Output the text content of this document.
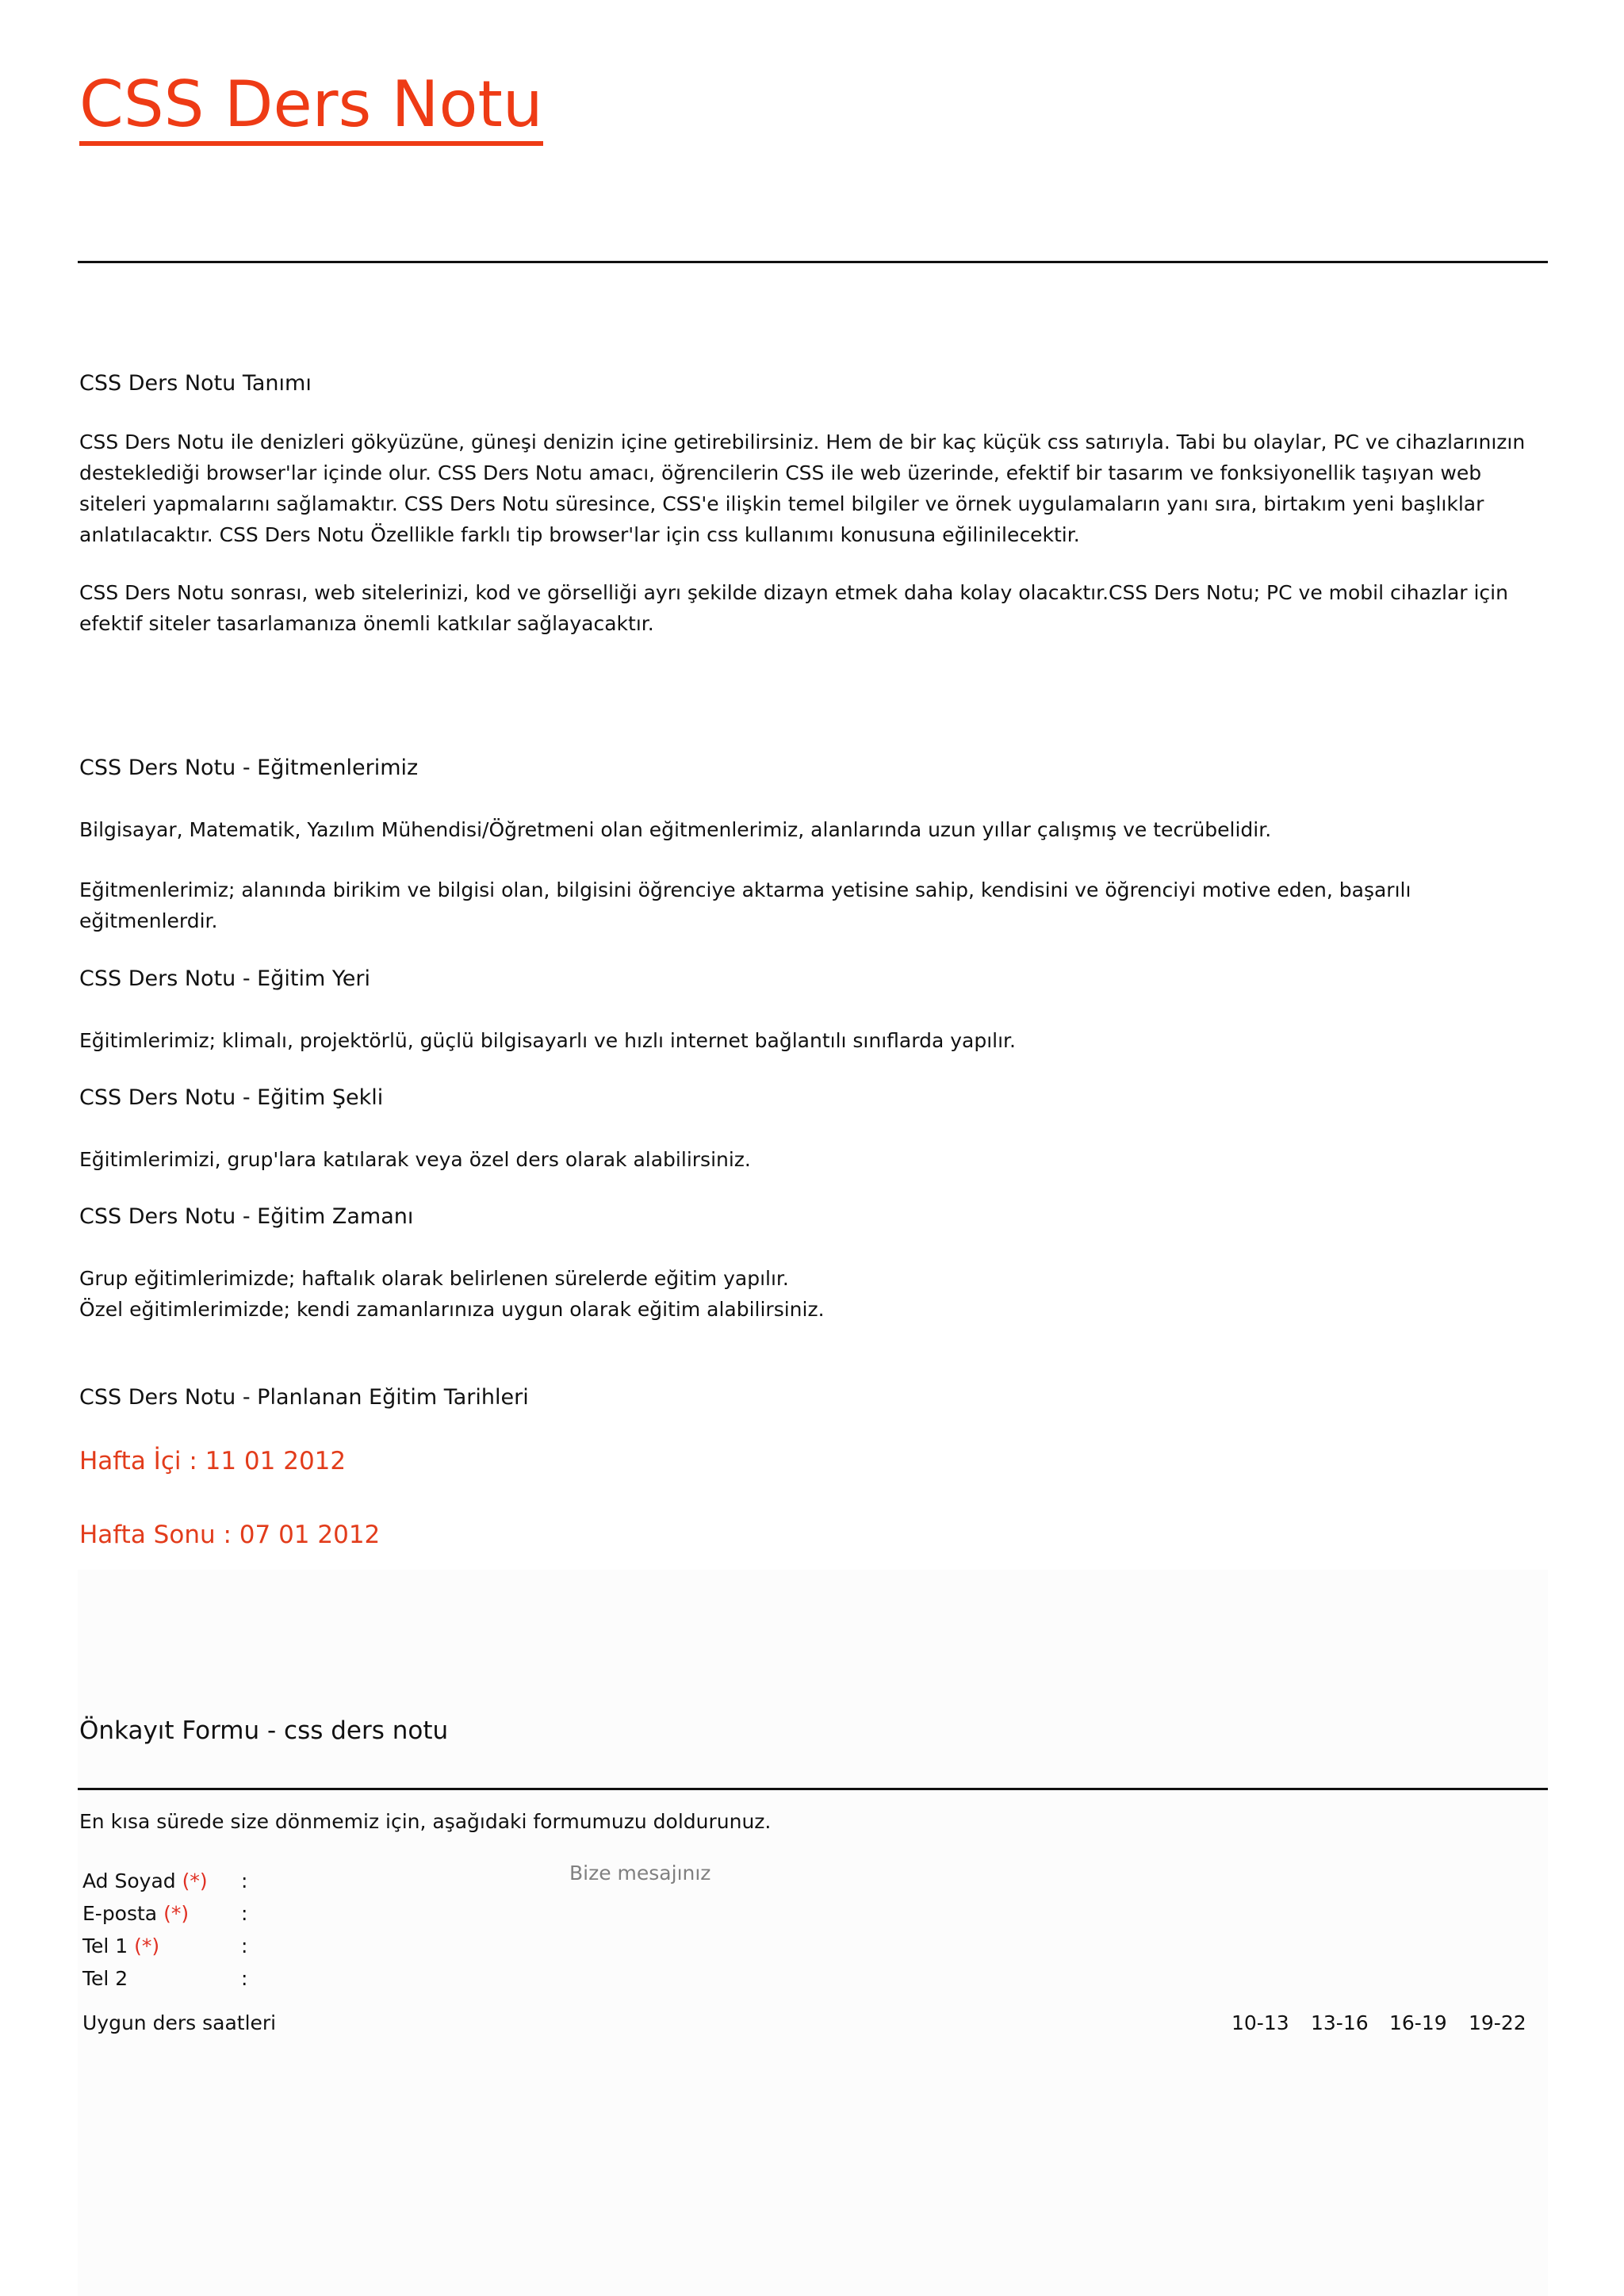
CSS Ders Notu
CSS Ders Notu Tanımı

CSS Ders Notu ile denizleri gökyüzüne, güneşi denizin içine getirebilirsiniz. Hem de bir kaç küçük css satırıyla. Tabi bu olaylar, PC ve cihazlarınızın desteklediği browser'lar içinde olur. CSS Ders Notu amacı, öğrencilerin CSS ile web üzerinde, efektif bir tasarım ve fonksiyonellik taşıyan web siteleri yapmalarını sağlamaktır. CSS Ders Notu süresince, CSS'e ilişkin temel bilgiler ve örnek uygulamaların yanı sıra, birtakım yeni başlıklar anlatılacaktır. CSS Ders Notu Özellikle farklı tip browser'lar için css kullanımı konusuna eğilinilecektir.

CSS Ders Notu sonrası, web sitelerinizi, kod ve görselliği ayrı şekilde dizayn etmek daha kolay olacaktır.CSS Ders Notu; PC ve mobil cihazlar için efektif siteler tasarlamanıza önemli katkılar sağlayacaktır.

CSS Ders Notu - Eğitmenlerimiz

Bilgisayar, Matematik, Yazılım Mühendisi/Öğretmeni olan eğitmenlerimiz, alanlarında uzun yıllar çalışmış ve tecrübelidir.

Eğitmenlerimiz; alanında birikim ve bilgisi olan, bilgisini öğrenciye aktarma yetisine sahip, kendisini ve öğrenciyi motive eden, başarılı eğitmenlerdir.

CSS Ders Notu - Eğitim Yeri

Eğitimlerimiz; klimalı, projektörlü, güçlü bilgisayarlı ve hızlı internet bağlantılı sınıflarda yapılır.

CSS Ders Notu - Eğitim Şekli

Eğitimlerimizi, grup'lara katılarak veya özel ders olarak alabilirsiniz.

CSS Ders Notu - Eğitim Zamanı

Grup eğitimlerimizde; haftalık olarak belirlenen sürelerde eğitim yapılır.

Özel eğitimlerimizde; kendi zamanlarınıza uygun olarak eğitim alabilirsiniz.

CSS Ders Notu - Planlanan Eğitim Tarihleri

Hafta İçi : 11 01 2012

Hafta Sonu : 07 01 2012

Önkayıt Formu - css ders notu

En kısa sürede size dönmemiz için, aşağıdaki formumuzu doldurunuz.

Ad Soyad (*) :
E-posta (*)	:
Tel 1 (*)	:
Tel 2	:
Bize mesajınız
Uygun ders saatleri	10-13 13-16 16-19 19-22
